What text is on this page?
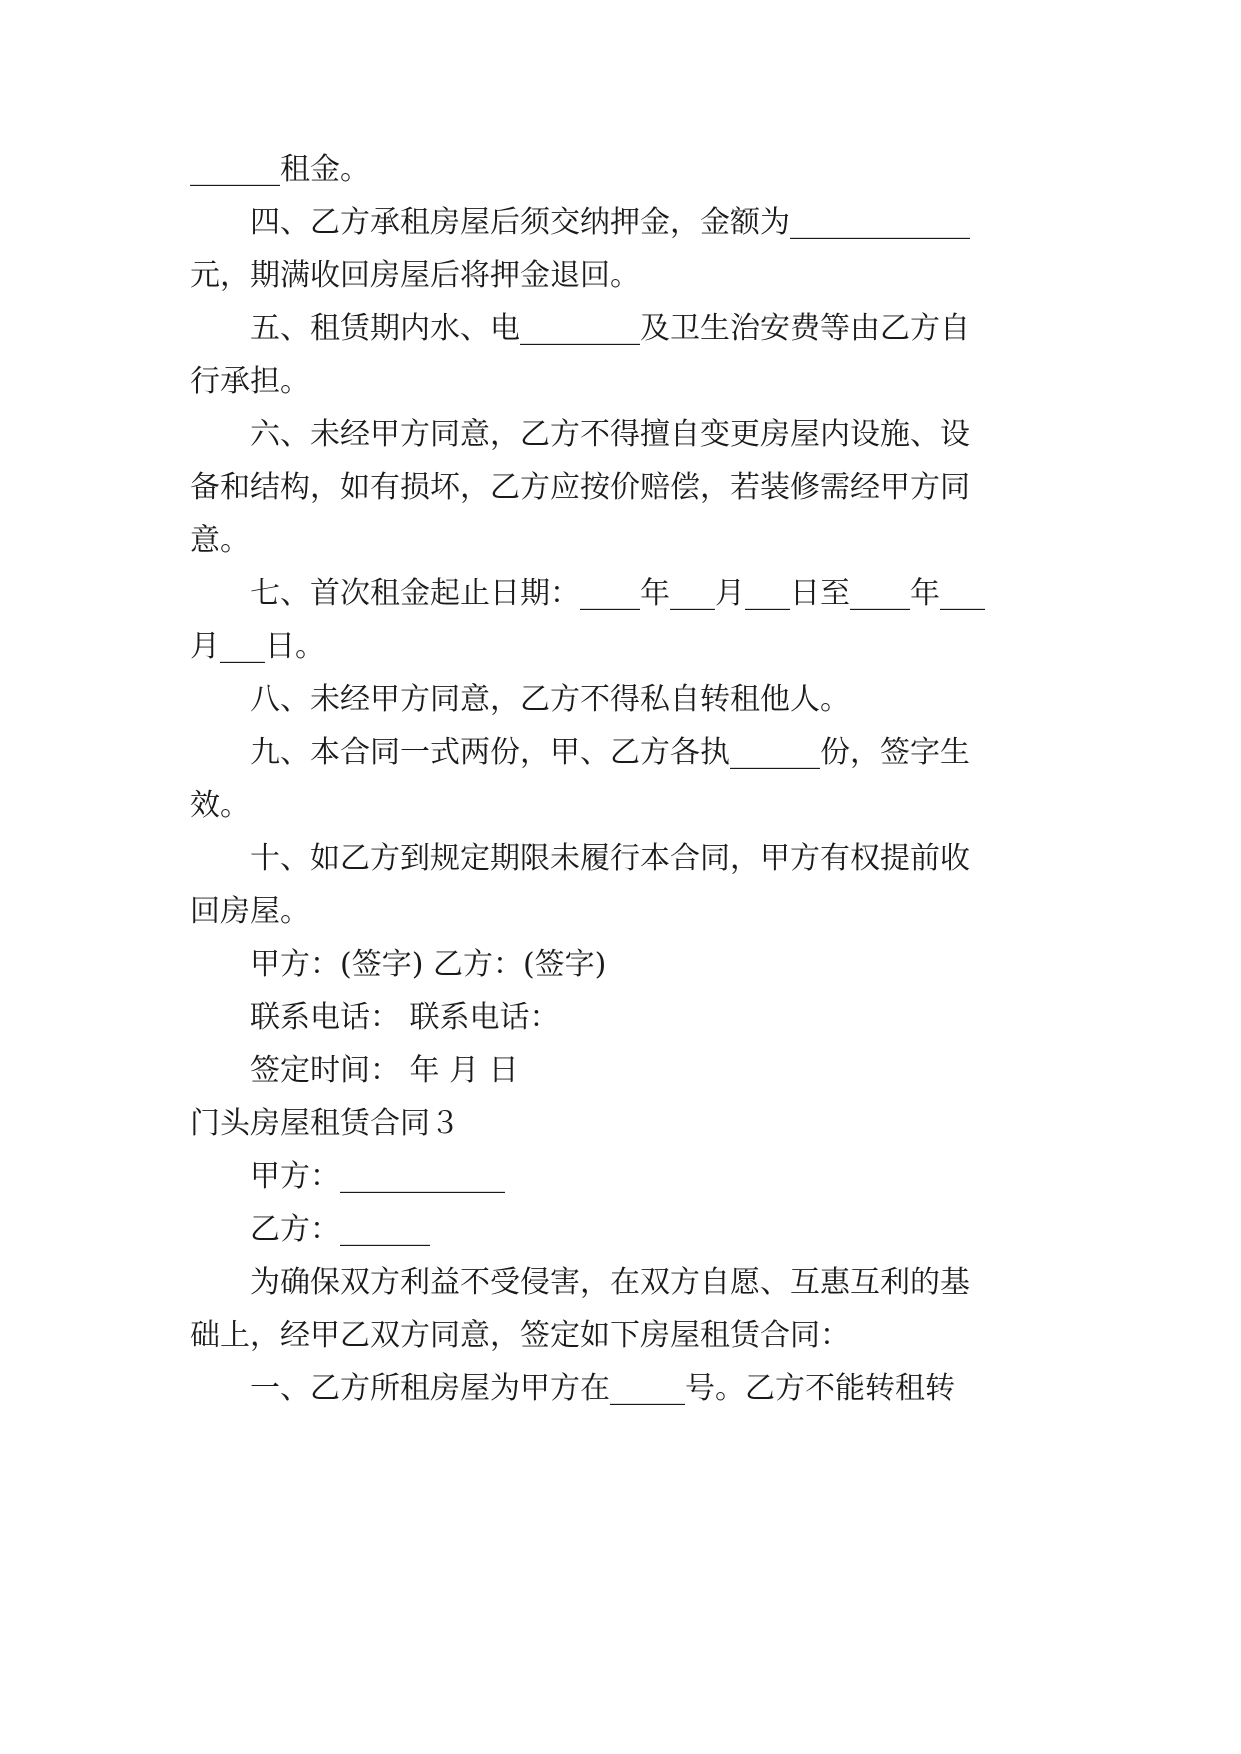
______租金。
四、乙方承租房屋后须交纳押金，金额为____________
元，期满收回房屋后将押金退回。
五、租赁期内水、电________及卫生治安费等由乙方自
行承担。
六、未经甲方同意，乙方不得擅自变更房屋内设施、设
备和结构，如有损坏，乙方应按价赔偿，若装修需经甲方同
意。
七、首次租金起止日期：____年___月___日至____年___
月___日。
八、未经甲方同意，乙方不得私自转租他人。
九、本合同一式两份，甲、乙方各执______份，签字生
效。
十、如乙方到规定期限未履行本合同，甲方有权提前收
回房屋。
甲方：(签字) 乙方：(签字)
联系电话： 联系电话：
签定时间： 年 月 日
门头房屋租赁合同３
甲方：___________
乙方：______
为确保双方利益不受侵害，在双方自愿、互惠互利的基
础上，经甲乙双方同意，签定如下房屋租赁合同：
一、乙方所租房屋为甲方在_____号。乙方不能转租转
